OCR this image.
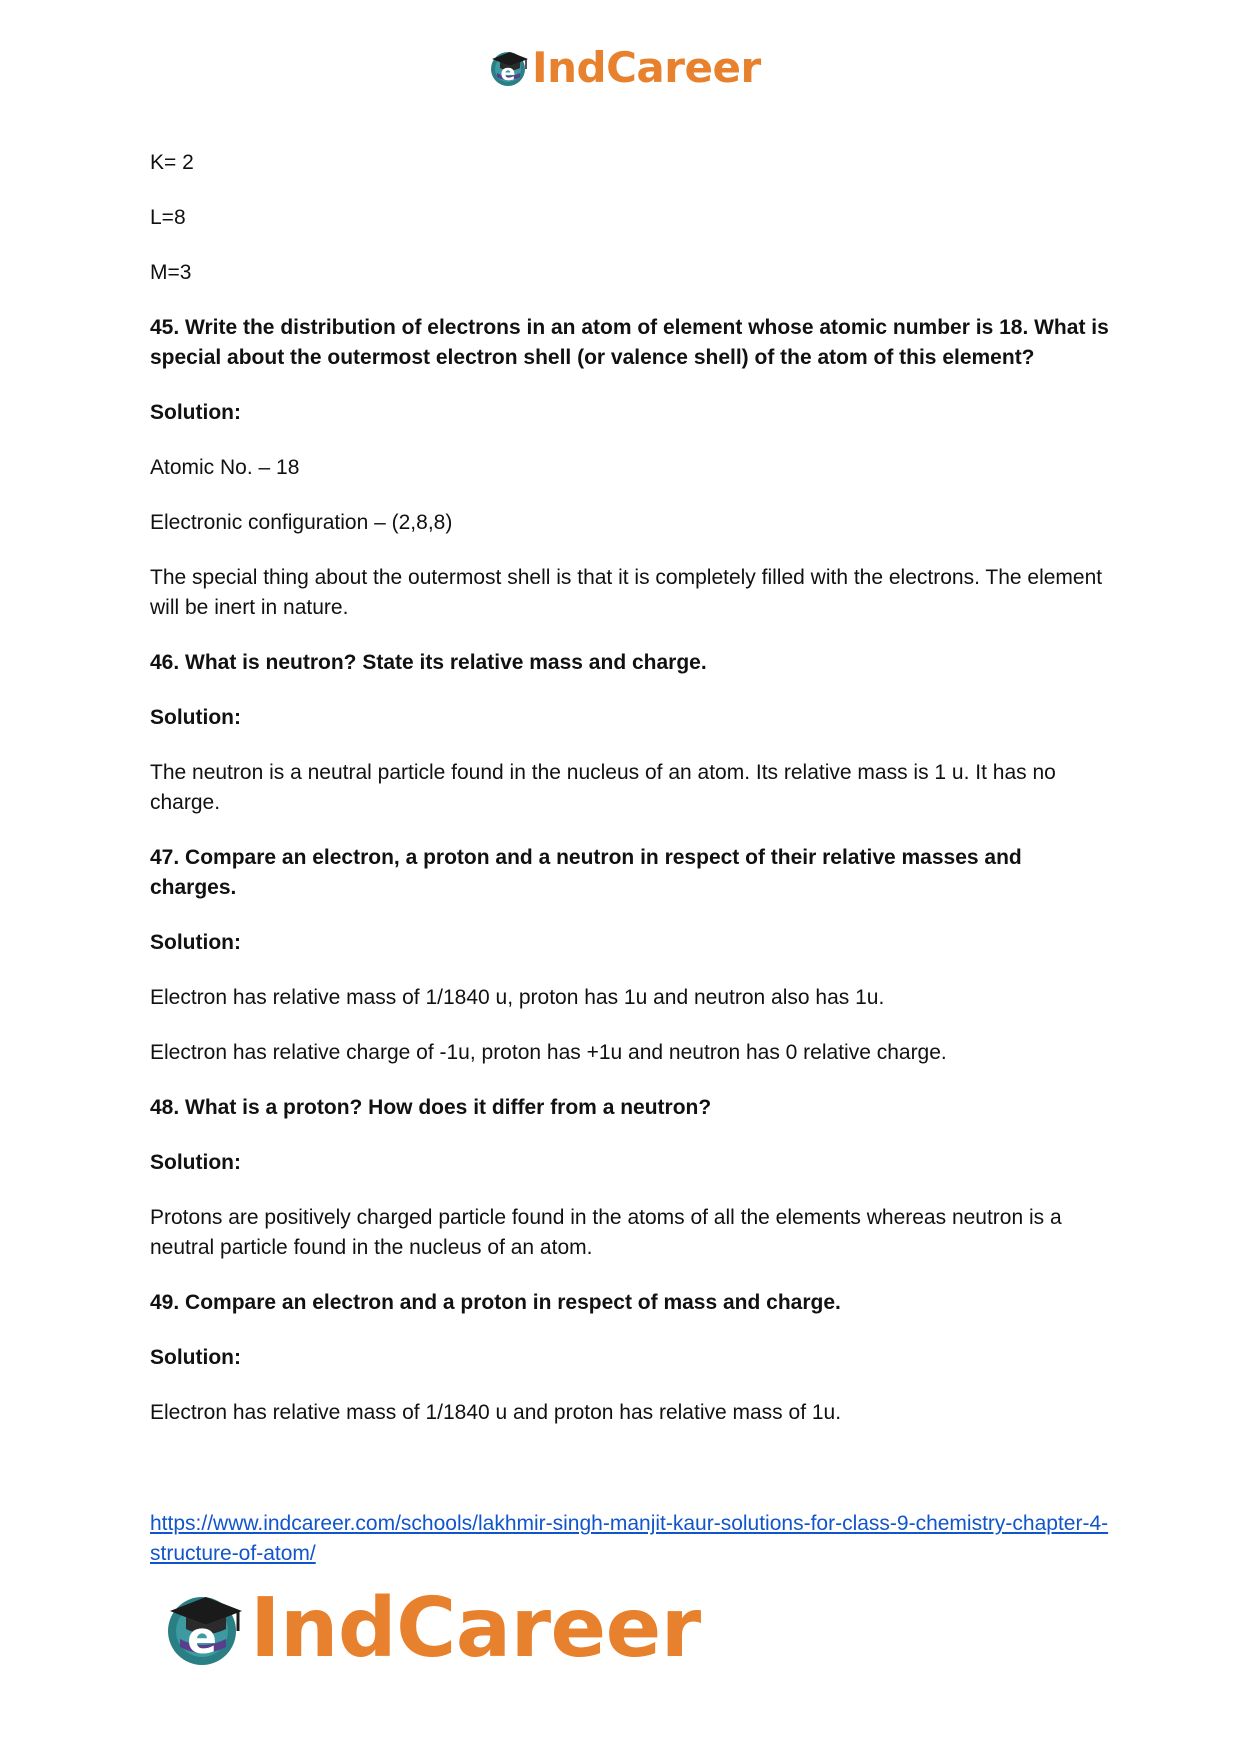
e IndCareer

K= 2

L=8

M=3

45. Write the distribution of electrons in an atom of element whose atomic number is 18. What is special about the outermost electron shell (or valence shell) of the atom of this element?

Solution:

Atomic No. – 18

Electronic configuration – (2,8,8)

The special thing about the outermost shell is that it is completely filled with the electrons. The element will be inert in nature.

46. What is neutron? State its relative mass and charge.

Solution:

The neutron is a neutral particle found in the nucleus of an atom. Its relative mass is 1 u. It has no charge.

47. Compare an electron, a proton and a neutron in respect of their relative masses and charges.

Solution:

Electron has relative mass of 1/1840 u, proton has 1u and neutron also has 1u.

Electron has relative charge of -1u, proton has +1u and neutron has 0 relative charge.

48. What is a proton? How does it differ from a neutron?

Solution:

Protons are positively charged particle found in the atoms of all the elements whereas neutron is a neutral particle found in the nucleus of an atom.

49. Compare an electron and a proton in respect of mass and charge.

Solution:

Electron has relative mass of 1/1840 u and proton has relative mass of 1u.

https://www.indcareer.com/schools/lakhmir-singh-manjit-kaur-solutions-for-class-9-chemistry-chapter-4-structure-of-atom/
e IndCareer
